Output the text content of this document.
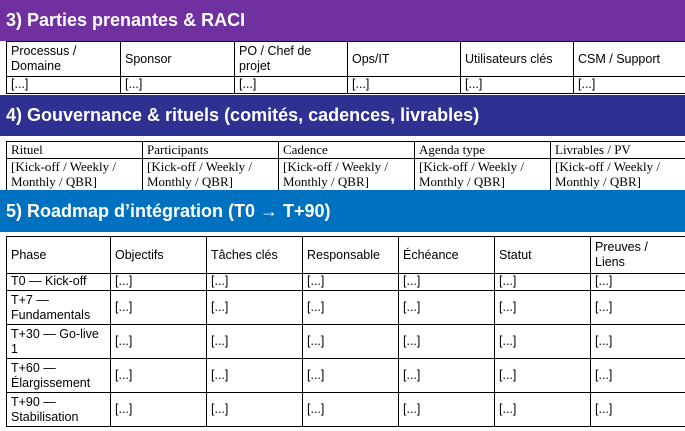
3) Parties prenantes & RACI
Processus / Domaine	Sponsor	PO / Chef de projet	Ops/IT	Utilisateurs clés	CSM / Support
[...]	[...]	[...]	[...]	[...]	[...]
4) Gouvernance & rituels (comités, cadences, livrables)
Rituel	Participants	Cadence	Agenda type	Livrables / PV
[Kick-off / Weekly / Monthly / QBR]	[Kick-off / Weekly / Monthly / QBR]	[Kick-off / Weekly / Monthly / QBR]	[Kick-off / Weekly / Monthly / QBR]	[Kick-off / Weekly / Monthly / QBR]
5) Roadmap d’intégration (T0 → T+90)
Phase	Objectifs	Tâches clés	Responsable	Échéance	Statut	Preuves / Liens
T0 — Kick-off	[...]	[...]	[...]	[...]	[...]	[...]
T+7 — Fundamentals	[...]	[...]	[...]	[...]	[...]	[...]
T+30 — Go-live 1	[...]	[...]	[...]	[...]	[...]	[...]
T+60 — Élargissement	[...]	[...]	[...]	[...]	[...]	[...]
T+90 — Stabilisation	[...]	[...]	[...]	[...]	[...]	[...]
